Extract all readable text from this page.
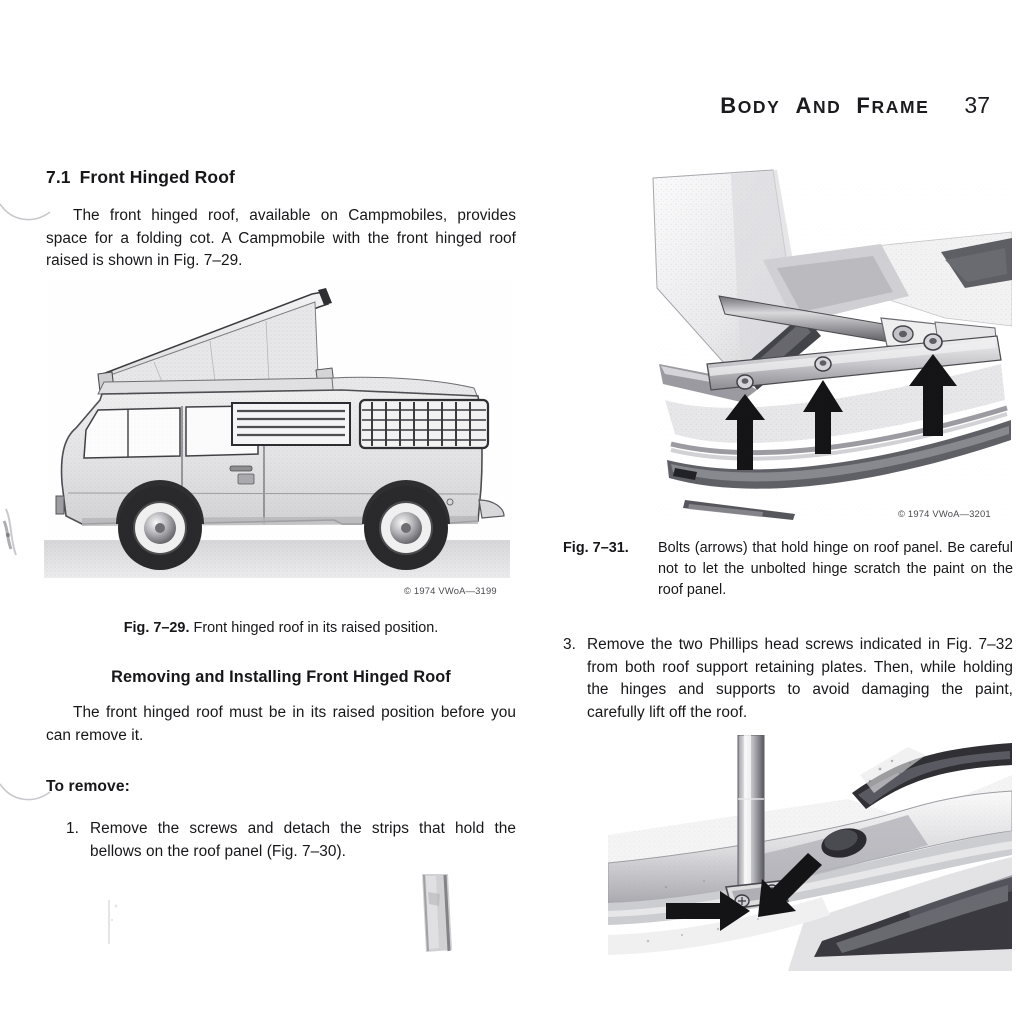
BODY AND FRAME 37
7.1 Front Hinged Roof

The front hinged roof, available on Campmobiles, provides space for a folding cot. A Campmobile with the front hinged roof raised is shown in Fig. 7–29.

© 1974 VWoA—3199
Fig. 7–29. Front hinged roof in its raised position.
Removing and Installing Front Hinged Roof

The front hinged roof must be in its raised position before you can remove it.

To remove:

1. Remove the screws and detach the strips that hold the bellows on the roof panel (Fig. 7–30).
© 1974 VWoA—3201
Fig. 7–31.	Bolts (arrows) that hold hinge on roof panel. Be careful not to let the unbolted hinge scratch the paint on the roof panel.
3. Remove the two Phillips head screws indicated in Fig. 7–32 from both roof support retaining plates. Then, while holding the hinges and supports to avoid damaging the paint, carefully lift off the roof.
